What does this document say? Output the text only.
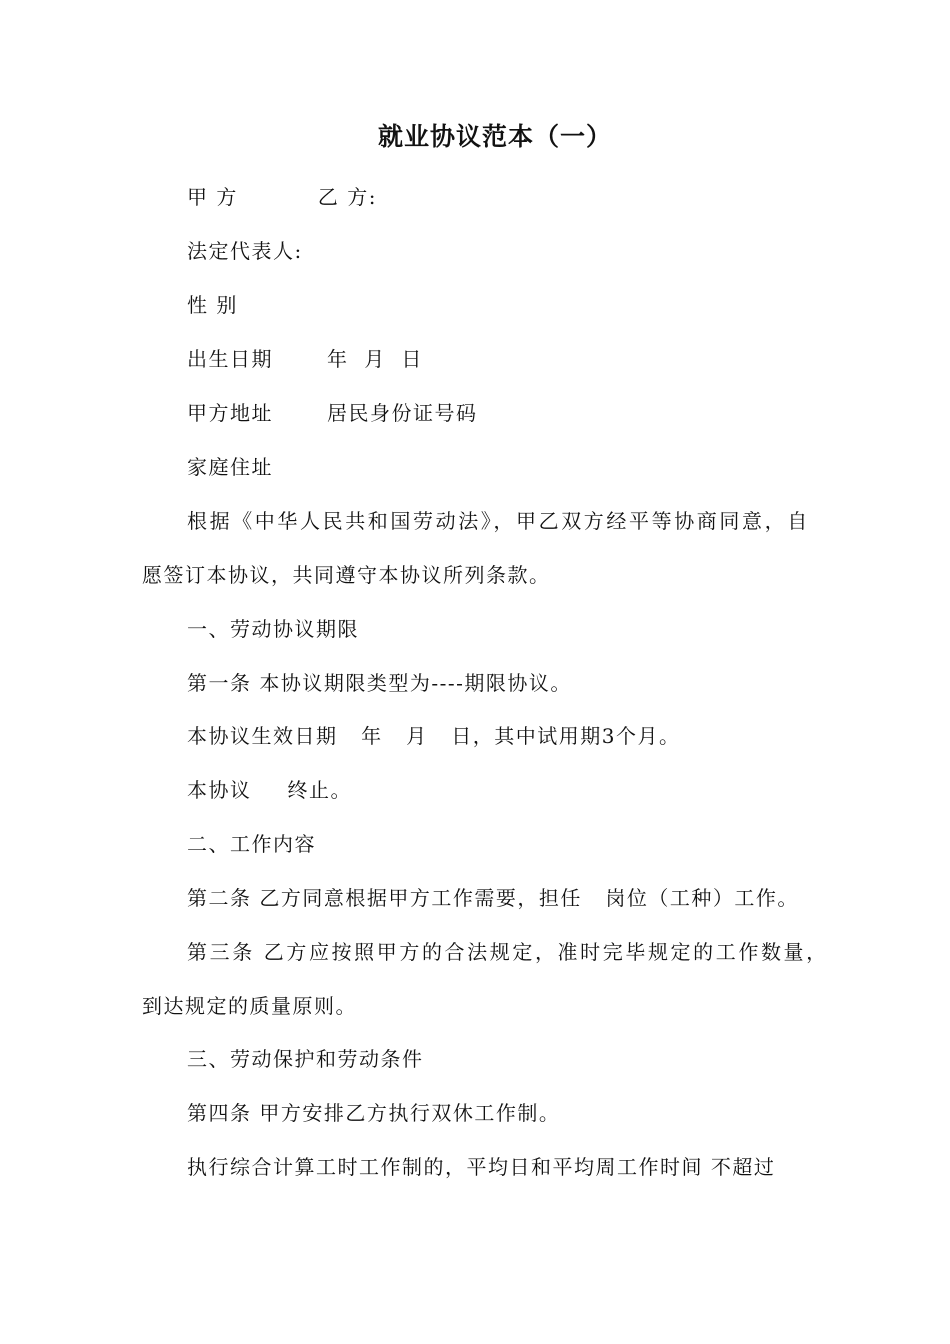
就业协议范本（一）
甲 方	乙 方:
法定代表人:
性 别
出生日期	年  月  日
甲方地址	居民身份证号码
家庭住址
根据《中华人民共和国劳动法》，甲乙双方经平等协商同意，自
愿签订本协议，共同遵守本协议所列条款。
一、劳动协议期限
第一条 本协议期限类型为----期限协议。
本协议生效日期   年   月   日，其中试用期3个月。
本协议 终止。
二、工作内容
第二条 乙方同意根据甲方工作需要，担任   岗位（工种）工作。
第三条 乙方应按照甲方的合法规定，准时完毕规定的工作数量，
到达规定的质量原则。
三、劳动保护和劳动条件
第四条 甲方安排乙方执行双休工作制。
执行综合计算工时工作制的，平均日和平均周工作时间 不超过
